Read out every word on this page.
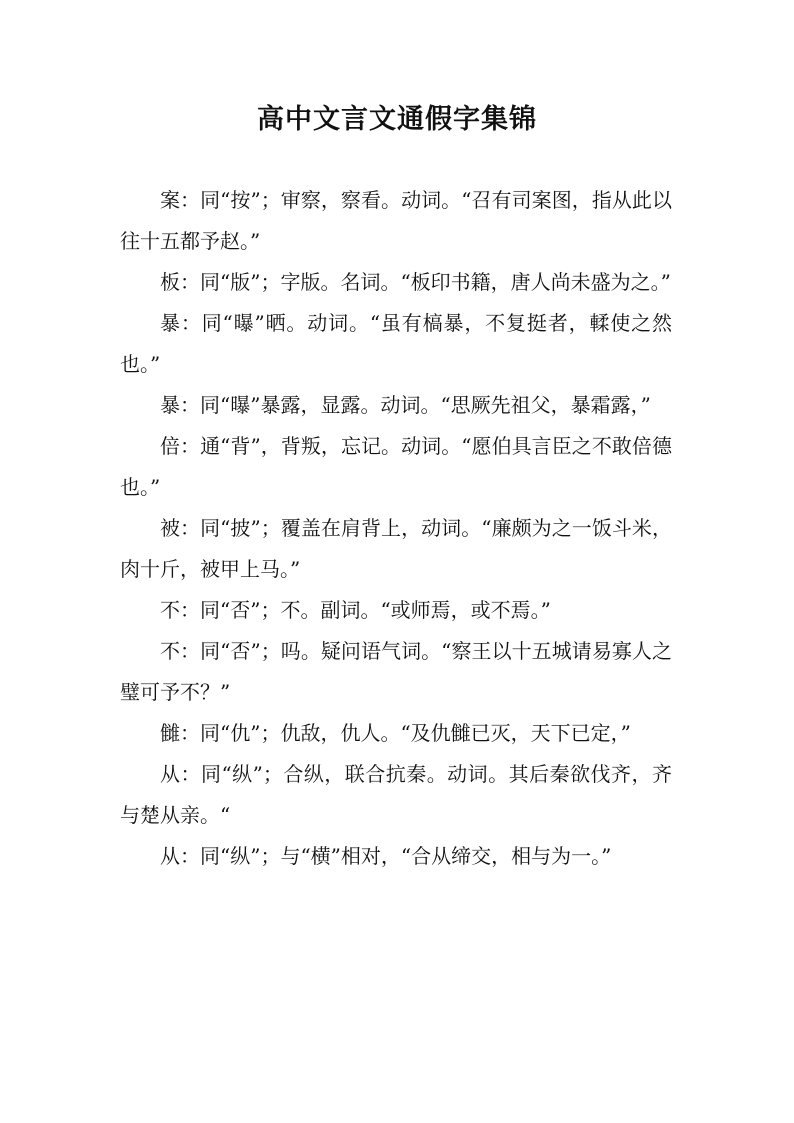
高中文言文通假字集锦

案：同“按”；审察，察看。动词。“召有司案图，指从此以往十五都予赵。”

板：同“版”；字版。名词。“板印书籍，唐人尚未盛为之。”

暴：同“曝”晒。动词。“虽有槁暴，不复挺者，輮使之然也。”

暴：同“曝”暴露，显露。动词。“思厥先祖父，暴霜露，”

倍：通“背”，背叛，忘记。动词。“愿伯具言臣之不敢倍德也。”

被：同“披”；覆盖在肩背上，动词。“廉颇为之一饭斗米，肉十斤，被甲上马。”

不：同“否”；不。副词。“或师焉，或不焉。”

不：同“否”；吗。疑问语气词。“察王以十五城请易寡人之璧可予不？”

雠：同“仇”；仇敌，仇人。“及仇雠已灭，天下已定，”

从：同“纵”；合纵，联合抗秦。动词。其后秦欲伐齐，齐与楚从亲。“

从：同“纵”；与“横”相对，“合从缔交，相与为一。”
